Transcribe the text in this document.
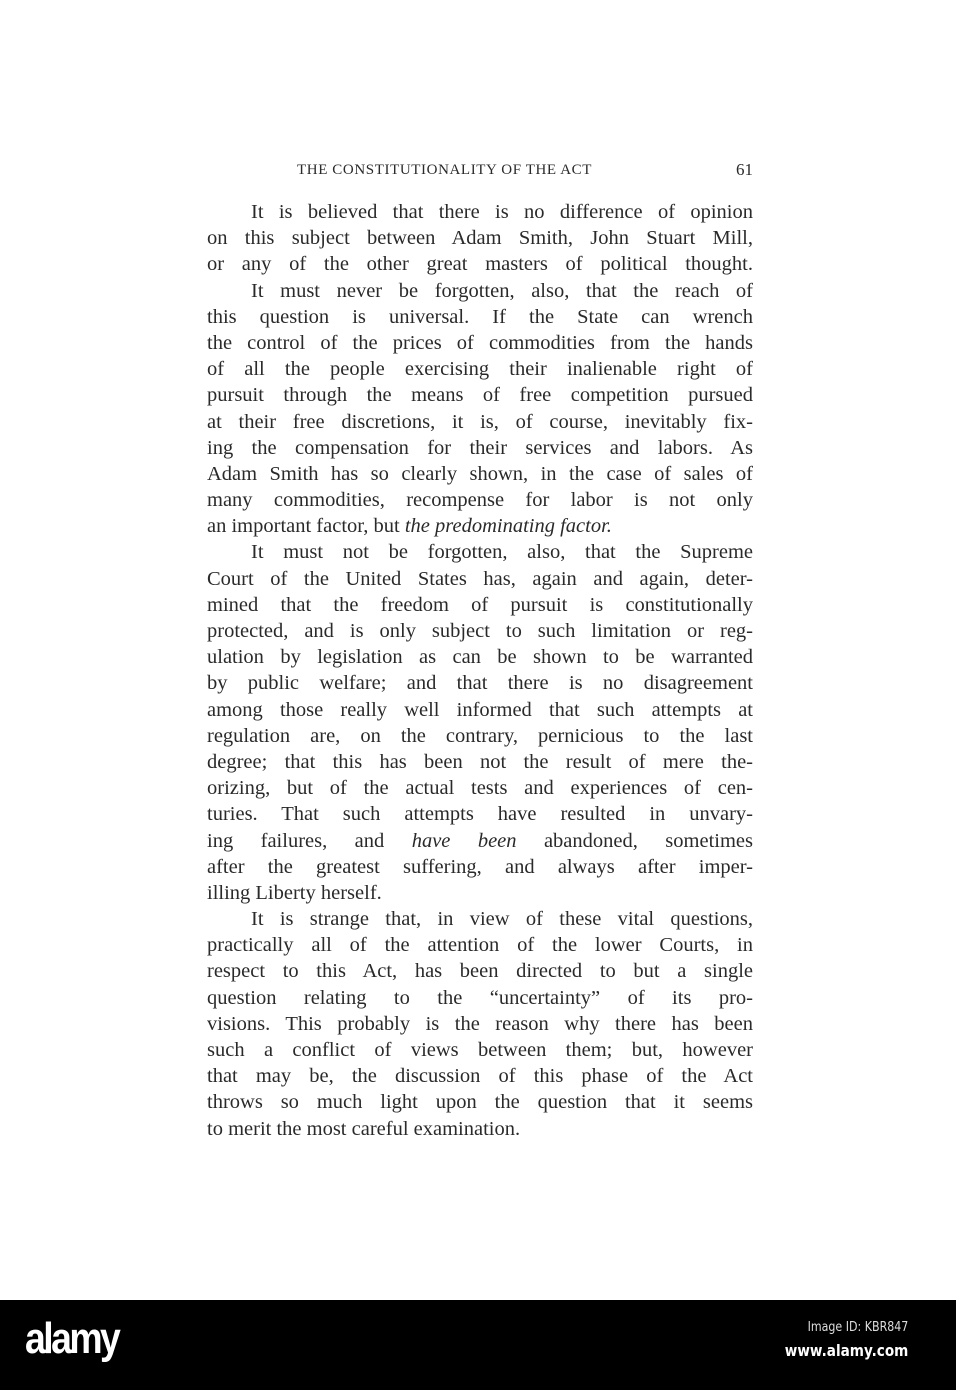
THE CONSTITUTIONALITY OF THE ACT	61
It is believed that there is no difference of opinion
on this subject between Adam Smith, John Stuart Mill,
or any of the other great masters of political thought.
It must never be forgotten, also, that the reach of
this question is universal. If the State can wrench
the control of the prices of commodities from the hands
of all the people exercising their inalienable right of
pursuit through the means of free competition pursued
at their free discretions, it is, of course, inevitably fix-
ing the compensation for their services and labors. As
Adam Smith has so clearly shown, in the case of sales of
many commodities, recompense for labor is not only
an important factor, but the predominating factor.
It must not be forgotten, also, that the Supreme
Court of the United States has, again and again, deter-
mined that the freedom of pursuit is constitutionally
protected, and is only subject to such limitation or reg-
ulation by legislation as can be shown to be warranted
by public welfare; and that there is no disagreement
among those really well informed that such attempts at
regulation are, on the contrary, pernicious to the last
degree; that this has been not the result of mere the-
orizing, but of the actual tests and experiences of cen-
turies. That such attempts have resulted in unvary-
ing failures, and have been abandoned, sometimes
after the greatest suffering, and always after imper-
illing Liberty herself.
It is strange that, in view of these vital questions,
practically all of the attention of the lower Courts, in
respect to this Act, has been directed to but a single
question relating to the “uncertainty” of its pro-
visions. This probably is the reason why there has been
such a conflict of views between them; but, however
that may be, the discussion of this phase of the Act
throws so much light upon the question that it seems
to merit the most careful examination.
alamy	Image ID: KBR847
www.alamy.com
